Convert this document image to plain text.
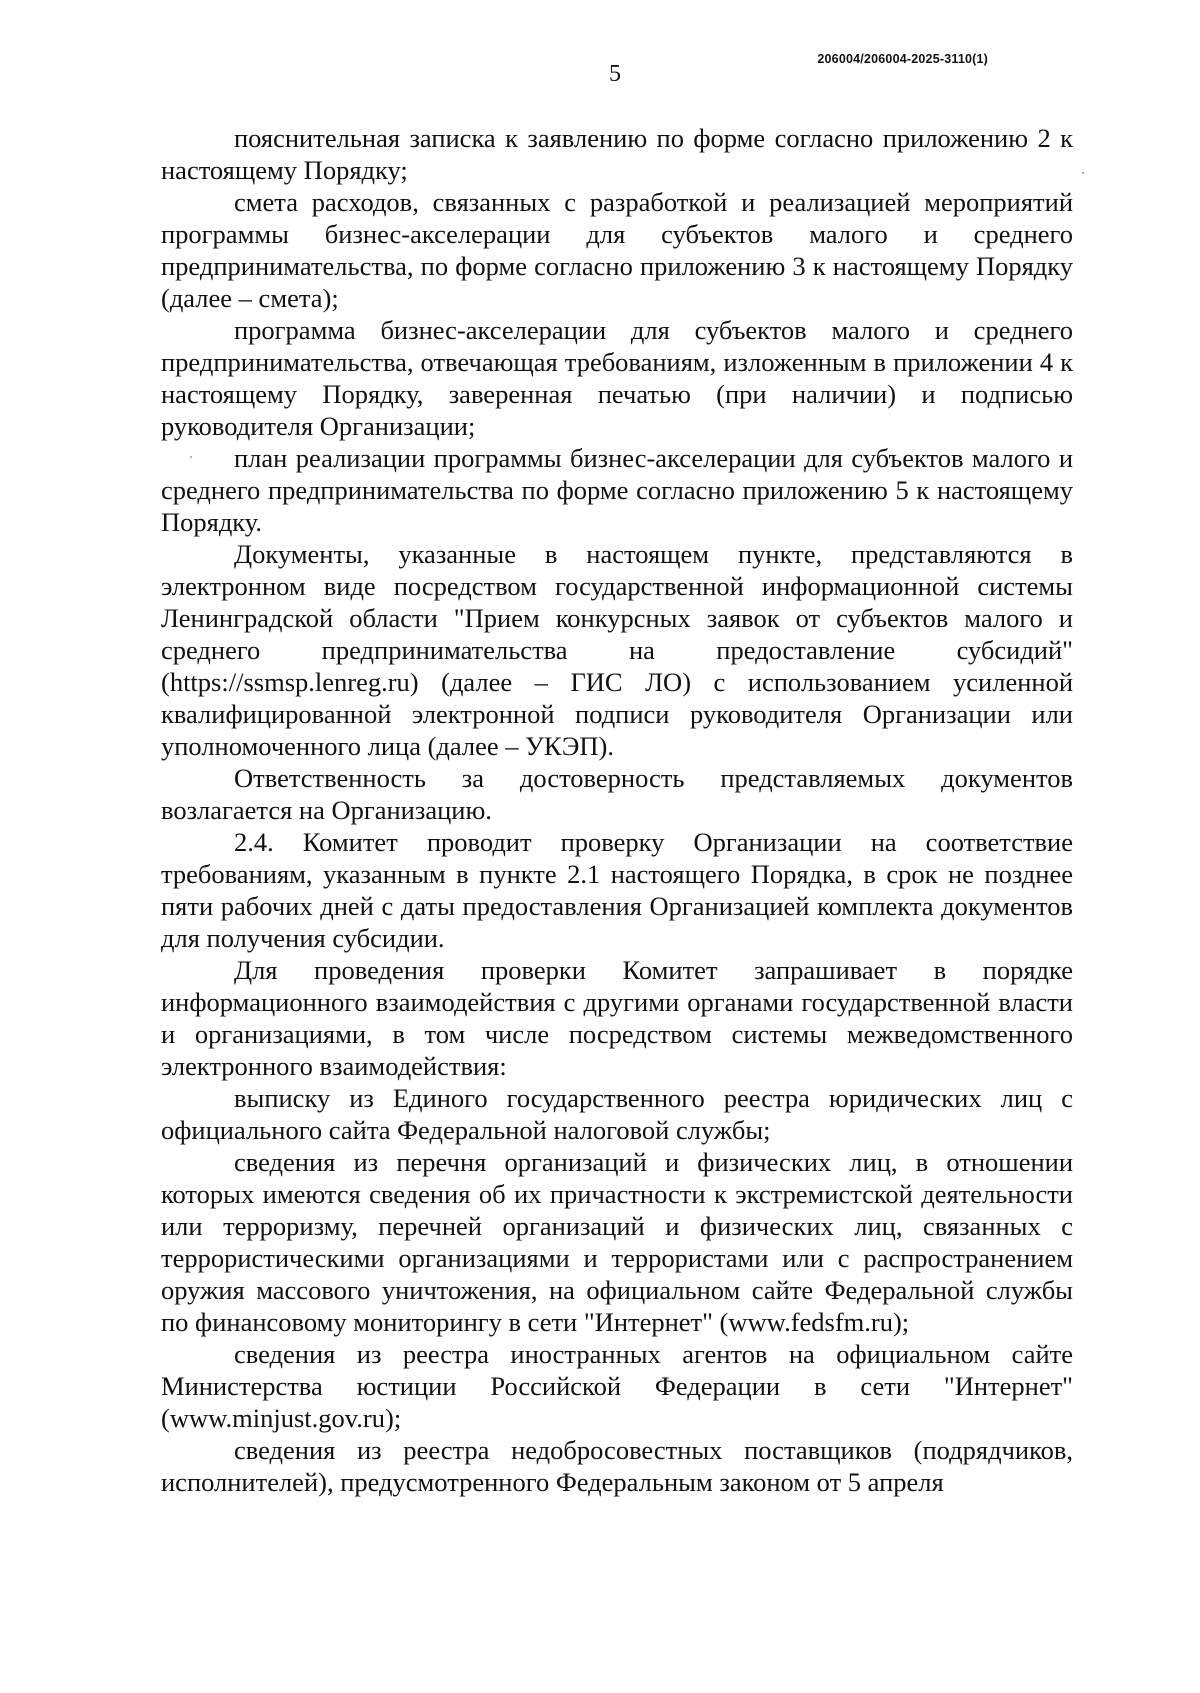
5
206004/206004-2025-3110(1)

пояснительная записка к заявлению по форме согласно приложению 2 к настоящему Порядку;

смета расходов, связанных с разработкой и реализацией мероприятий программы бизнес-акселерации для субъектов малого и среднего предпринимательства, по форме согласно приложению 3 к настоящему Порядку (далее – смета);

программа бизнес-акселерации для субъектов малого и среднего предпринимательства, отвечающая требованиям, изложенным в приложении 4 к настоящему Порядку, заверенная печатью (при наличии) и подписью руководителя Организации;

план реализации программы бизнес-акселерации для субъектов малого и среднего предпринимательства по форме согласно приложению 5 к настоящему Порядку.

Документы, указанные в настоящем пункте, представляются в электронном виде посредством государственной информационной системы Ленинградской области "Прием конкурсных заявок от субъектов малого и среднего предпринимательства на предоставление субсидий" (https://ssmsp.lenreg.ru) (далее – ГИС ЛО) с использованием усиленной квалифицированной электронной подписи руководителя Организации или уполномоченного лица (далее – УКЭП).

Ответственность за достоверность представляемых документов возлагается на Организацию.

2.4. Комитет проводит проверку Организации на соответствие требованиям, указанным в пункте 2.1 настоящего Порядка, в срок не позднее пяти рабочих дней с даты предоставления Организацией комплекта документов для получения субсидии.

Для проведения проверки Комитет запрашивает в порядке информационного взаимодействия с другими органами государственной власти и организациями, в том числе посредством системы межведомственного электронного взаимодействия:

выписку из Единого государственного реестра юридических лиц с официального сайта Федеральной налоговой службы;

сведения из перечня организаций и физических лиц, в отношении которых имеются сведения об их причастности к экстремистской деятельности или терроризму, перечней организаций и физических лиц, связанных с террористическими организациями и террористами или с распространением оружия массового уничтожения, на официальном сайте Федеральной службы по финансовому мониторингу в сети "Интернет" (www.fedsfm.ru);

сведения из реестра иностранных агентов на официальном сайте Министерства юстиции Российской Федерации в сети "Интернет" (www.minjust.gov.ru);

сведения из реестра недобросовестных поставщиков (подрядчиков, исполнителей), предусмотренного Федеральным законом от 5 апреля
